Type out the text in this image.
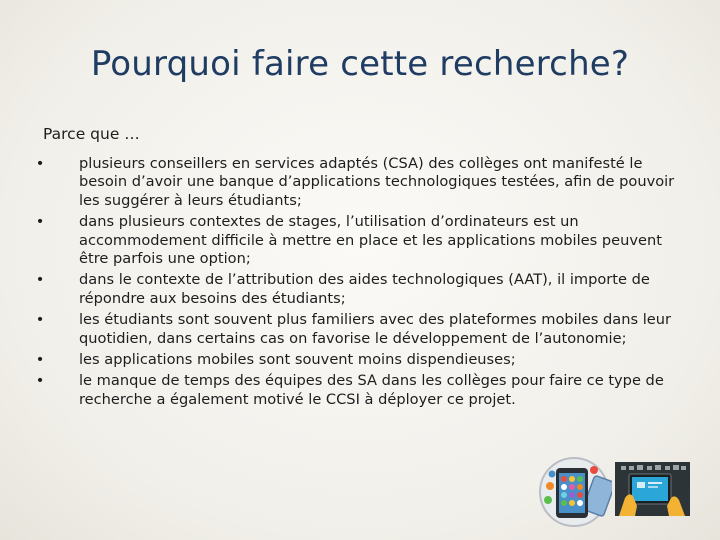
Pourquoi faire cette recherche?
Parce que …
• plusieurs conseillers en services adaptés (CSA) des collèges ont manifesté le besoin d’avoir une banque d’applications technologiques testées, afin de pouvoir les suggérer à leurs étudiants;
• dans plusieurs contextes de stages, l’utilisation d’ordinateurs est un accommodement difficile à mettre en place et les applications mobiles peuvent être parfois une option;
• dans le contexte de l’attribution des aides technologiques (AAT), il importe de répondre aux besoins des étudiants;
• les étudiants sont souvent plus familiers avec des plateformes mobiles dans leur quotidien, dans certains cas on favorise le développement de l’autonomie;
• les applications mobiles sont souvent moins dispendieuses;
• le manque de temps des équipes des SA dans les collèges pour faire ce type de recherche a également motivé le CCSI à déployer ce projet.
